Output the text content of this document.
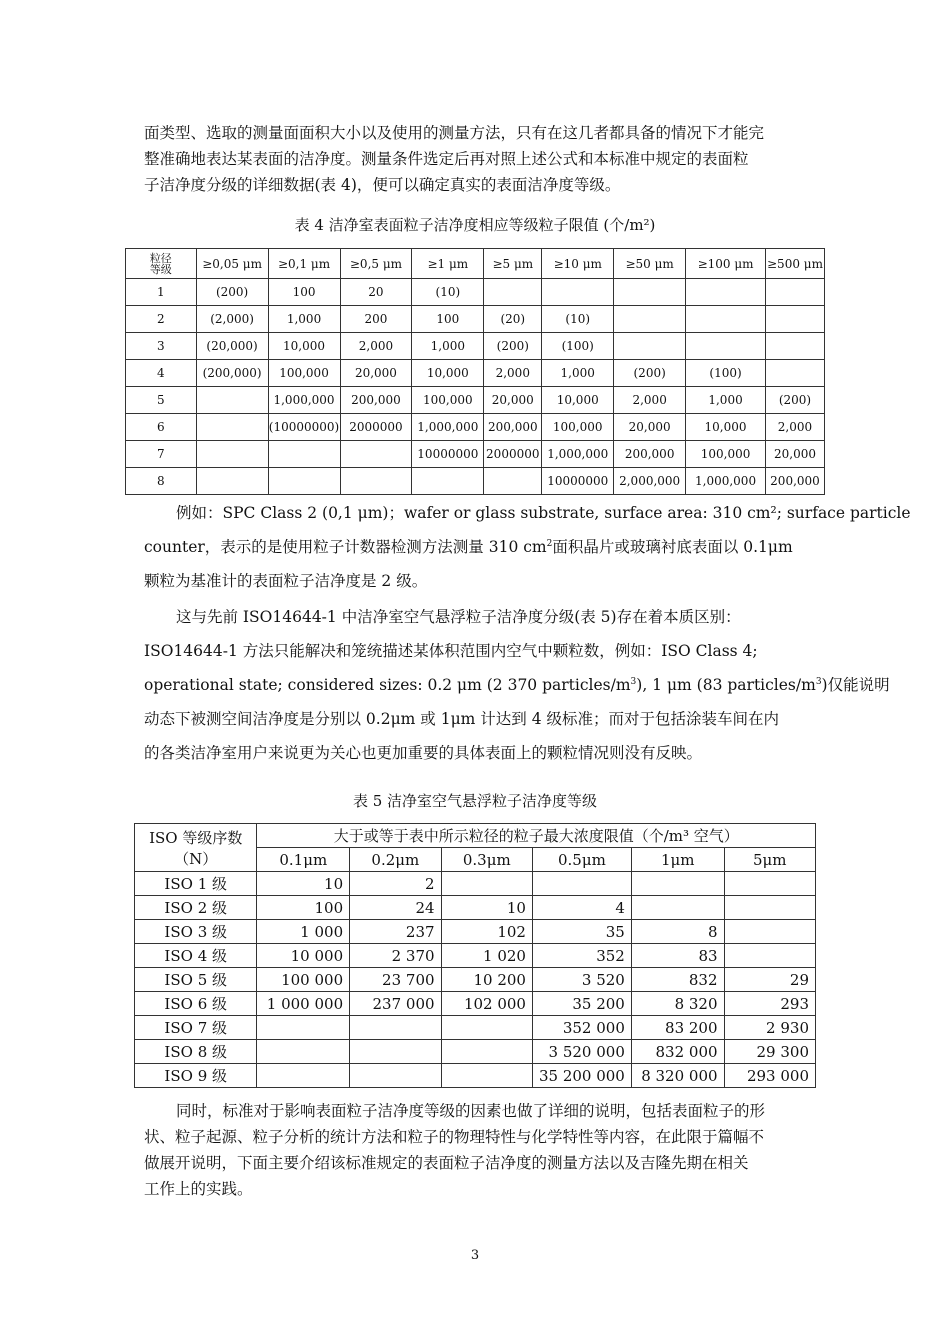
面类型、选取的测量面面积大小以及使用的测量方法，只有在这几者都具备的情况下才能完
整准确地表达某表面的洁净度。测量条件选定后再对照上述公式和本标准中规定的表面粒
子洁净度分级的详细数据(表 4)，便可以确定真实的表面洁净度等级。

表 4 洁净室表面粒子洁净度相应等级粒子限值 (个/m²)

粒径
等级	≥0,05 μm	≥0,1 μm	≥0,5 μm	≥1 μm	≥5 μm	≥10 μm	≥50 μm	≥100 μm	≥500 μm
1	(200)	100	20	(10)					
2	(2,000)	1,000	200	100	(20)	(10)			
3	(20,000)	10,000	2,000	1,000	(200)	(100)			
4	(200,000)	100,000	20,000	10,000	2,000	1,000	(200)	(100)	
5		1,000,000	200,000	100,000	20,000	10,000	2,000	1,000	(200)
6		(10000000)	2000000	1,000,000	200,000	100,000	20,000	10,000	2,000
7				10000000	2000000	1,000,000	200,000	100,000	20,000
8						10000000	2,000,000	1,000,000	200,000
例如：SPC Class 2 (0,1 μm)；wafer or glass substrate, surface area: 310 cm²; surface particle
counter，表示的是使用粒子计数器检测方法测量 310 $cm^2$面积晶片或玻璃衬底表面以 0.1μm
颗粒为基准计的表面粒子洁净度是 2 级。
这与先前 ISO14644-1 中洁净室空气悬浮粒子洁净度分级(表 5)存在着本质区别：
ISO14644-1 方法只能解决和笼统描述某体积范围内空气中颗粒数，例如：ISO Class 4;
operational state; considered sizes: 0.2 μm (2 370 particles/$m^3$), 1 μm (83 particles/$m^3$)仅能说明
动态下被测空间洁净度是分别以 0.2μm 或 1μm 计达到 4 级标准；而对于包括涂装车间在内
的各类洁净室用户来说更为关心也更加重要的具体表面上的颗粒情况则没有反映。

表 5 洁净室空气悬浮粒子洁净度等级

ISO 等级序数
（N）	大于或等于表中所示粒径的粒子最大浓度限值（个/m³ 空气）					
	0.1μm	0.2μm	0.3μm	0.5μm	1μm	5μm
ISO 1 级	10	2				
ISO 2 级	100	24	10	4		
ISO 3 级	1 000	237	102	35	8	
ISO 4 级	10 000	2 370	1 020	352	83	
ISO 5 级	100 000	23 700	10 200	3 520	832	29
ISO 6 级	1 000 000	237 000	102 000	35 200	8 320	293
ISO 7 级				352 000	83 200	2 930
ISO 8 级				3 520 000	832 000	29 300
ISO 9 级				35 200 000	8 320 000	293 000
同时，标准对于影响表面粒子洁净度等级的因素也做了详细的说明，包括表面粒子的形
状、粒子起源、粒子分析的统计方法和粒子的物理特性与化学特性等内容，在此限于篇幅不
做展开说明，下面主要介绍该标准规定的表面粒子洁净度的测量方法以及吉隆先期在相关
工作上的实践。
3
